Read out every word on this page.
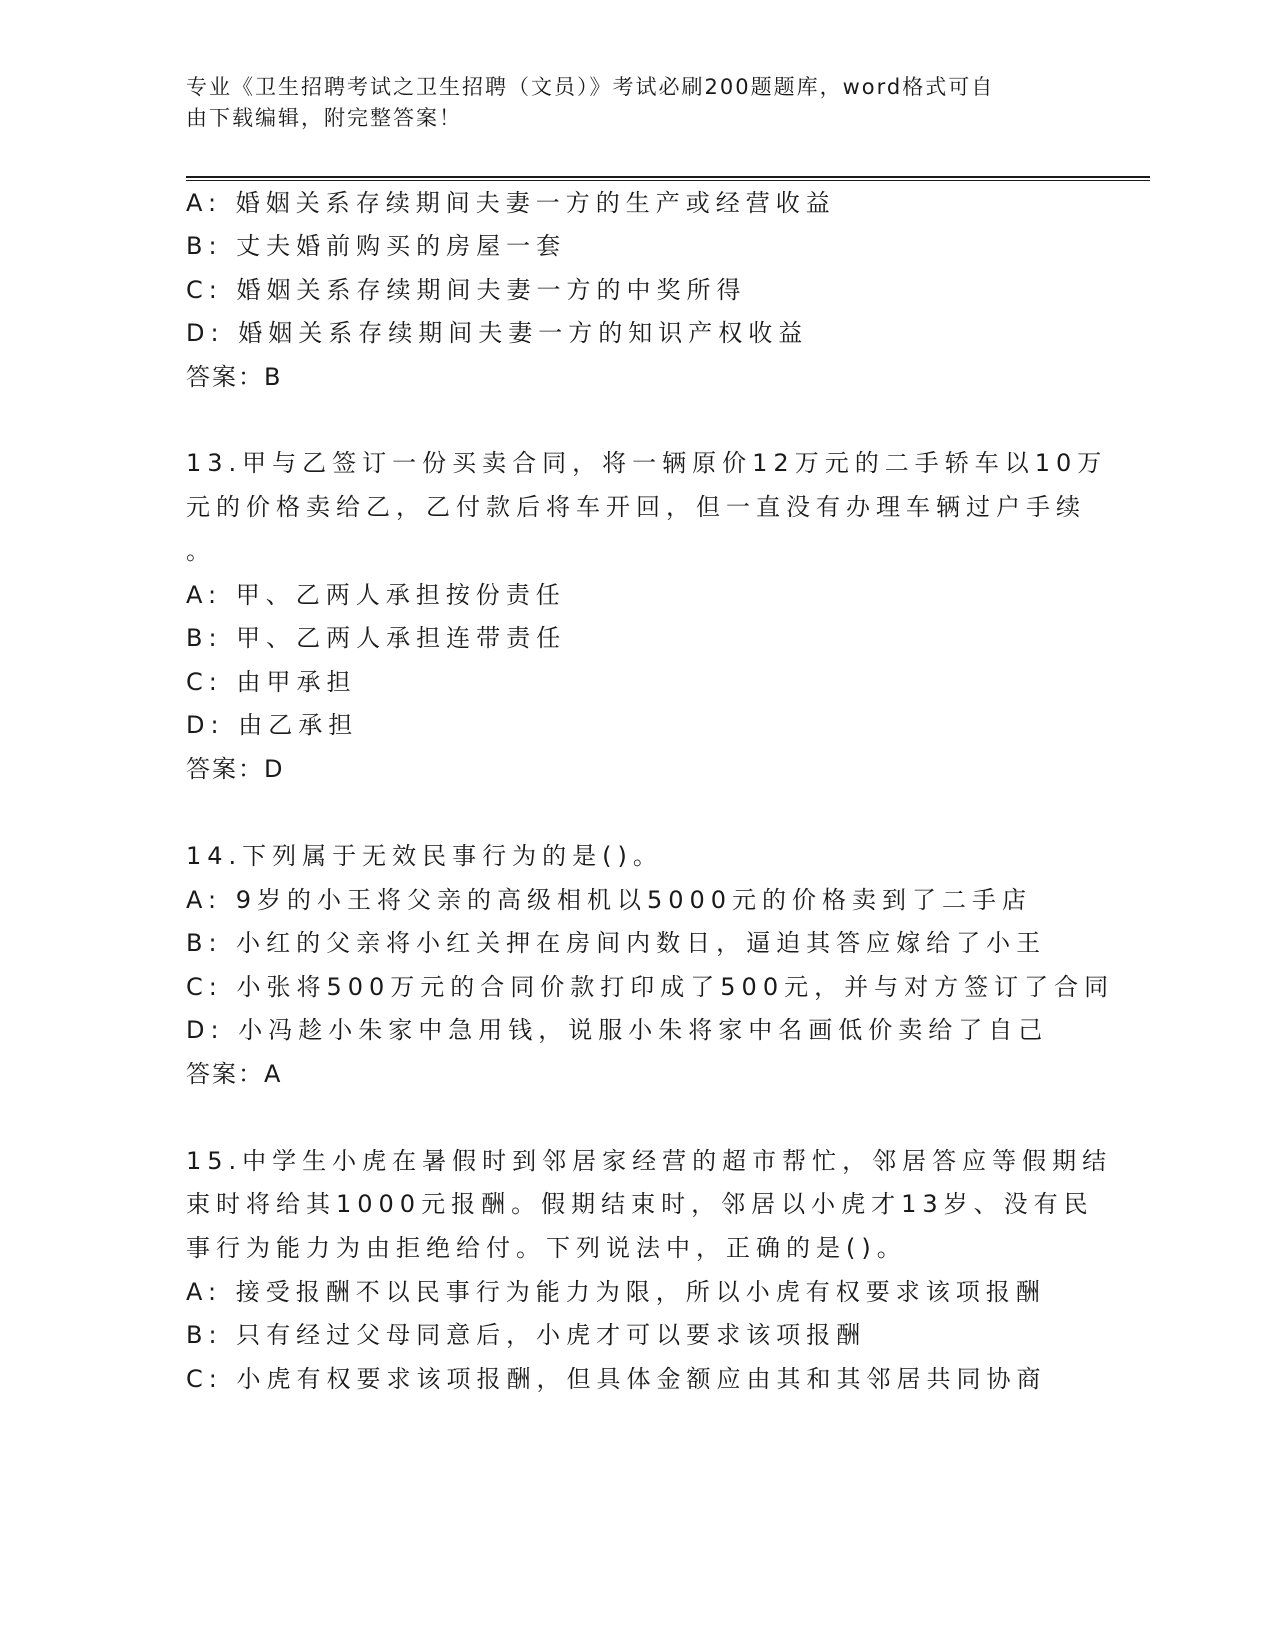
专业《卫生招聘考试之卫生招聘（文员）》考试必刷200题题库，word格式可自
由下载编辑，附完整答案！
A: 婚姻关系存续期间夫妻一方的生产或经营收益
B: 丈夫婚前购买的房屋一套
C: 婚姻关系存续期间夫妻一方的中奖所得
D: 婚姻关系存续期间夫妻一方的知识产权收益
答案：B
13.甲与乙签订一份买卖合同，将一辆原价12万元的二手轿车以10万
元的价格卖给乙，乙付款后将车开回，但一直没有办理车辆过户手续
。
A: 甲、乙两人承担按份责任
B: 甲、乙两人承担连带责任
C: 由甲承担
D: 由乙承担
答案：D
14.下列属于无效民事行为的是()。
A: 9岁的小王将父亲的高级相机以5000元的价格卖到了二手店
B: 小红的父亲将小红关押在房间内数日，逼迫其答应嫁给了小王
C: 小张将500万元的合同价款打印成了500元，并与对方签订了合同
D: 小冯趁小朱家中急用钱，说服小朱将家中名画低价卖给了自己
答案：A
15.中学生小虎在暑假时到邻居家经营的超市帮忙，邻居答应等假期结
束时将给其1000元报酬。假期结束时，邻居以小虎才13岁、没有民
事行为能力为由拒绝给付。下列说法中，正确的是()。
A: 接受报酬不以民事行为能力为限，所以小虎有权要求该项报酬
B: 只有经过父母同意后，小虎才可以要求该项报酬
C: 小虎有权要求该项报酬，但具体金额应由其和其邻居共同协商
